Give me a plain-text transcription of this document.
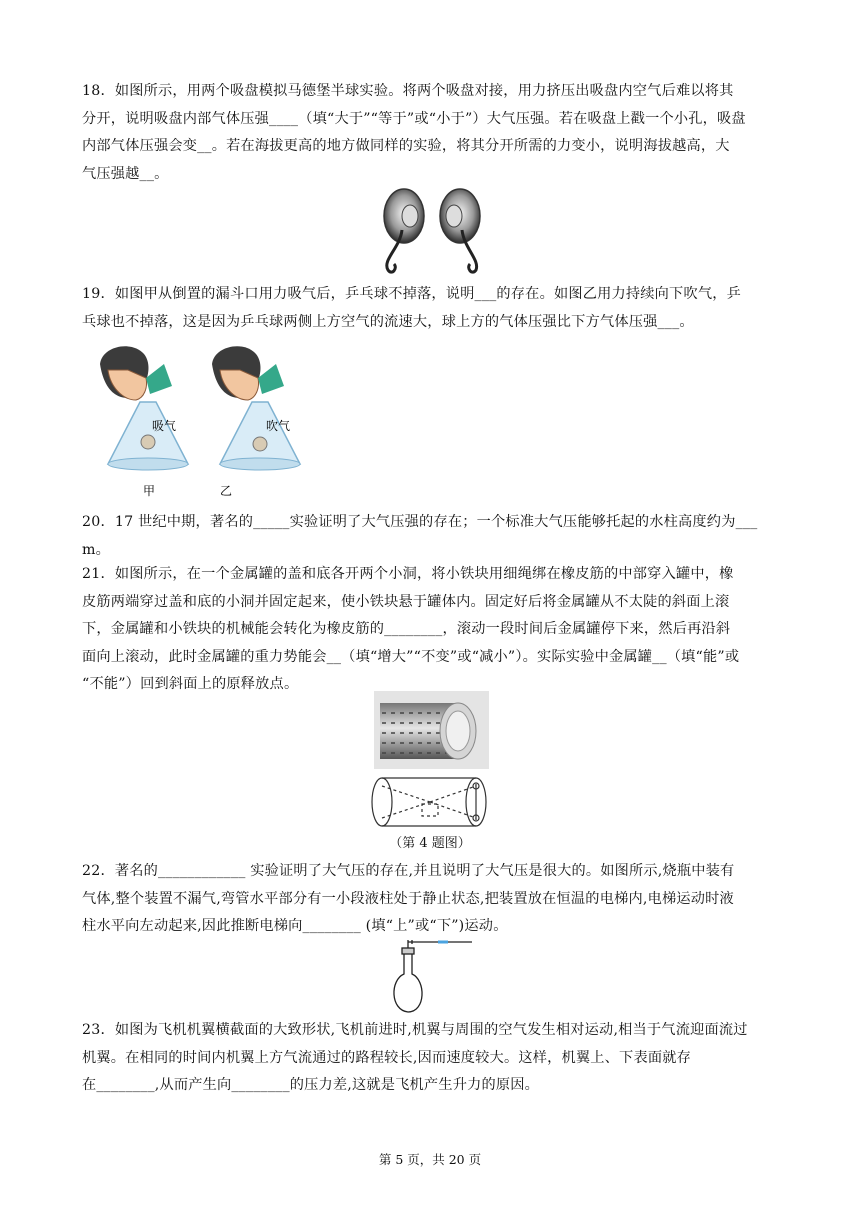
18．如图所示，用两个吸盘模拟马德堡半球实验。将两个吸盘对接，用力挤压出吸盘内空气后难以将其
分开，说明吸盘内部气体压强____（填“大于”“等于”或“小于”）大气压强。若在吸盘上戳一个小孔，吸盘
内部气体压强会变__。若在海拔更高的地方做同样的实验，将其分开所需的力变小，说明海拔越高，大
气压强越__。
19．如图甲从倒置的漏斗口用力吸气后，乒乓球不掉落，说明___的存在。如图乙用力持续向下吹气，乒
乓球也不掉落，这是因为乒乓球两侧上方空气的流速大，球上方的气体压强比下方气体压强___。
吸气
甲
吹气
乙
20．17 世纪中期，著名的_____实验证明了大气压强的存在；一个标准大气压能够托起的水柱高度约为___
m。
21．如图所示，在一个金属罐的盖和底各开两个小洞，将小铁块用细绳绑在橡皮筋的中部穿入罐中，橡
皮筋两端穿过盖和底的小洞并固定起来，使小铁块悬于罐体内。固定好后将金属罐从不太陡的斜面上滚
下，金属罐和小铁块的机械能会转化为橡皮筋的________，滚动一段时间后金属罐停下来，然后再沿斜
面向上滚动，此时金属罐的重力势能会__（填“增大”“不变”或“减小”）。实际实验中金属罐__（填“能”或
“不能”）回到斜面上的原释放点。
（第 4 题图）
22．著名的____________ 实验证明了大气压的存在,并且说明了大气压是很大的。如图所示,烧瓶中装有
气体,整个装置不漏气,弯管水平部分有一小段液柱处于静止状态,把装置放在恒温的电梯内,电梯运动时液
柱水平向左动起来,因此推断电梯向________ (填“上”或“下”)运动。
23．如图为飞机机翼横截面的大致形状,飞机前进时,机翼与周围的空气发生相对运动,相当于气流迎面流过
机翼。在相同的时间内机翼上方气流通过的路程较长,因而速度较大。这样，机翼上、下表面就存
在________,从而产生向________的压力差,这就是飞机产生升力的原因。
第 5 页，共 20 页
